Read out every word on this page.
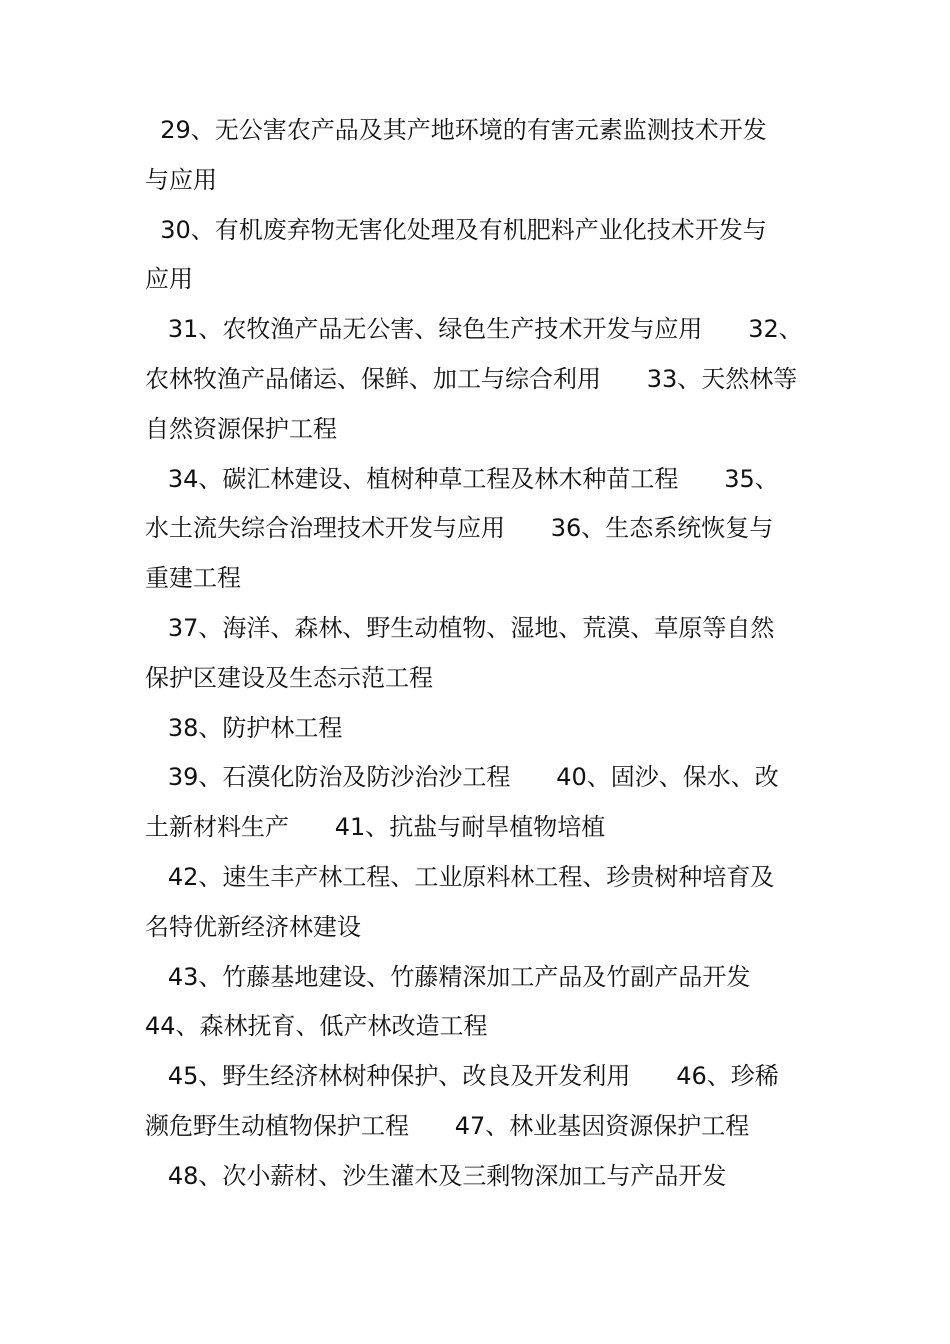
29、无公害农产品及其产地环境的有害元素监测技术开发
与应用
30、有机废弃物无害化处理及有机肥料产业化技术开发与
应用
31、农牧渔产品无公害、绿色生产技术开发与应用      32、
农林牧渔产品储运、保鲜、加工与综合利用      33、天然林等
自然资源保护工程
34、碳汇林建设、植树种草工程及林木种苗工程      35、
水土流失综合治理技术开发与应用      36、生态系统恢复与
重建工程
37、海洋、森林、野生动植物、湿地、荒漠、草原等自然
保护区建设及生态示范工程
38、防护林工程
39、石漠化防治及防沙治沙工程      40、固沙、保水、改
土新材料生产      41、抗盐与耐旱植物培植
42、速生丰产林工程、工业原料林工程、珍贵树种培育及
名特优新经济林建设
43、竹藤基地建设、竹藤精深加工产品及竹副产品开发
44、森林抚育、低产林改造工程
45、野生经济林树种保护、改良及开发利用      46、珍稀
濒危野生动植物保护工程      47、林业基因资源保护工程
48、次小薪材、沙生灌木及三剩物深加工与产品开发
